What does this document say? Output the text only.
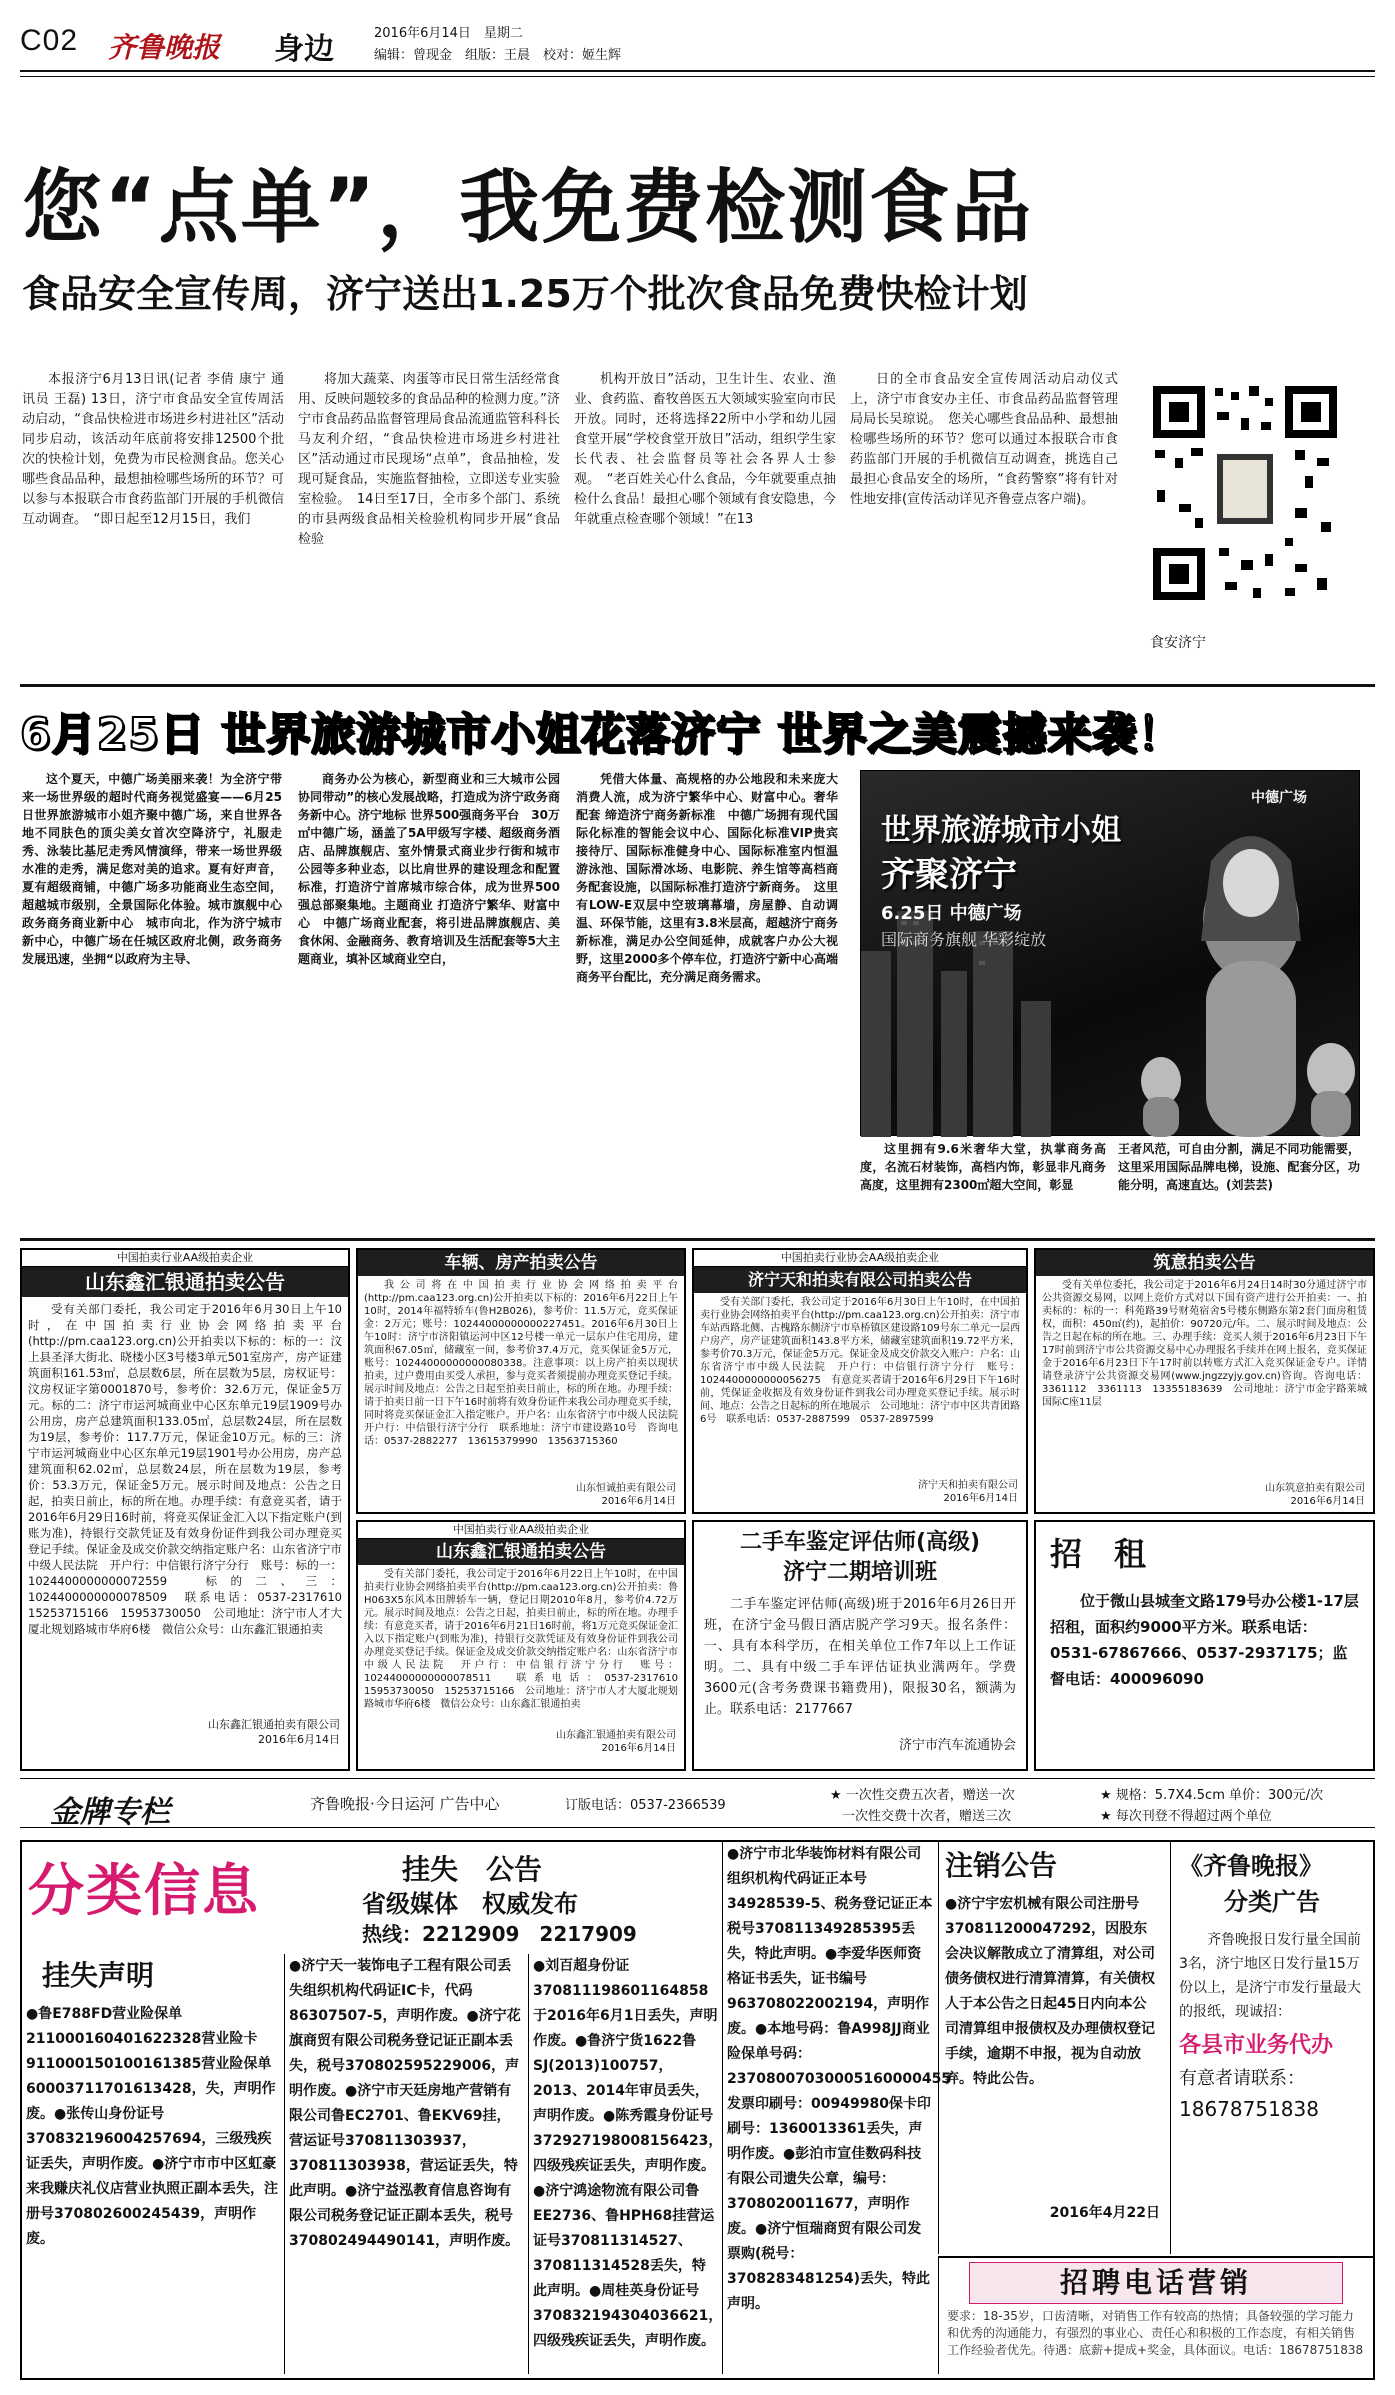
C02 齐鲁晚报 身边	2016年6月14日　 星期二
编辑：曾现金　组版：王晨　校对：姬生辉
您“点单”，我免费检测食品
食品安全宣传周，济宁送出1.25万个批次食品免费快检计划
本报济宁6月13日讯(记者 李倩 康宁 通讯员 王磊) 13日，济宁市食品安全宣传周活动启动，“食品快检进市场进乡村进社区”活动同步启动，该活动年底前将安排12500个批次的快检计划，免费为市民检测食品。您关心哪些食品品种，最想抽检哪些场所的环节？可以参与本报联合市食药监部门开展的手机微信互动调查。　“即日起至12月15日，我们
将加大蔬菜、肉蛋等市民日常生活经常食用、反映问题较多的食品品种的检测力度。”济宁市食品药品监督管理局食品流通监管科科长马友利介绍，“食品快检进市场进乡村进社区”活动通过市民现场“点单”，食品抽检，发现可疑食品，实施监督抽检，立即送专业实验室检验。　14日至17日，全市多个部门、系统的市县两级食品相关检验机构同步开展“食品检验
机构开放日”活动，卫生计生、农业、渔业、食药监、畜牧兽医五大领域实验室向市民开放。同时，还将选择22所中小学和幼儿园食堂开展“学校食堂开放日”活动，组织学生家长代表、社会监督员等社会各界人士参观。　“老百姓关心什么食品，今年就要重点抽检什么食品！最担心哪个领域有食安隐患，今年就重点检查哪个领域！”在13
日的全市食品安全宣传周活动启动仪式上，济宁市食安办主任、市食品药品监督管理局局长吴琼说。　您关心哪些食品品种、最想抽检哪些场所的环节？您可以通过本报联合市食药监部门开展的手机微信互动调查，挑选自己最担心食品安全的场所，“食药警察”将有针对性地安排(宣传活动详见齐鲁壹点客户端)。
食安济宁
6月25日 世界旅游城市小姐花落济宁 世界之美震撼来袭！
这个夏天，中德广场美丽来袭！为全济宁带来一场世界级的超时代商务视觉盛宴——6月25日世界旅游城市小姐齐聚中德广场，来自世界各地不同肤色的顶尖美女首次空降济宁，礼服走秀、泳装比基尼走秀风情演绎，带来一场世界级水准的走秀，满足您对美的追求。夏有好声音，夏有超级商铺，中德广场多功能商业生态空间，超越城市级别，全景国际化体验。城市旗舰中心 政务商务商业新中心　城市向北，作为济宁城市新中心，中德广场在任城区政府北侧，政务商务发展迅速，坐拥“以政府为主导、
商务办公为核心，新型商业和三大城市公园协同带动”的核心发展战略，打造成为济宁政务商务新中心。济宁地标 世界500强商务平台　30万㎡中德广场，涵盖了5A甲级写字楼、超级商务酒店、品牌旗舰店、室外情景式商业步行街和城市公园等多种业态，以比肩世界的建设理念和配置标准，打造济宁首席城市综合体，成为世界500强总部聚集地。主题商业 打造济宁繁华、财富中心　中德广场商业配套，将引进品牌旗舰店、美食休闲、金融商务、教育培训及生活配套等5大主题商业，填补区域商业空白，
凭借大体量、高规格的办公地段和未来庞大消费人流，成为济宁繁华中心、财富中心。奢华配套 缔造济宁商务新标准　中德广场拥有现代国际化标准的智能会议中心、国际化标准VIP贵宾接待厅、国际标准健身中心、国际标准室内恒温游泳池、国际滑冰场、电影院、养生馆等高档商务配套设施，以国际标准打造济宁新商务。　这里有LOW-E双层中空玻璃幕墙，房屋静、自动调温、环保节能，这里有3.8米层高，超越济宁商务新标准，满足办公空间延伸，成就客户办公大视野，这里2000多个停车位，打造济宁新中心高端商务平台配比，充分满足商务需求。
中德广场
世界旅游城市小姐
齐聚济宁
6.25日 中德广场
国际商务旗舰 华彩绽放
这里拥有9.6米奢华大堂，执掌商务高度，名流石材装饰，高档内饰，彰显非凡商务高度，这里拥有2300㎡超大空间，彰显
王者风范，可自由分割，满足不同功能需要，这里采用国际品牌电梯，设施、配套分区，功能分明，高速直达。(刘芸芸)
中国拍卖行业AA级拍卖企业
山东鑫汇银通拍卖公告
受有关部门委托，我公司定于2016年6月30日上午10时，在中国拍卖行业协会网络拍卖平台(http://pm.caa123.org.cn)公开拍卖以下标的：标的一：汶上县圣泽大街北、晓楼小区3号楼3单元501室房产，房产证建筑面积161.53㎡，总层数6层，所在层数为5层，房权证号：汶房权证字第0001870号，参考价：32.6万元，保证金5万元。标的二：济宁市运河城商业中心区东单元19层1909号办公用房，房产总建筑面积133.05㎡，总层数24层，所在层数为19层，参考价：117.7万元，保证金10万元。标的三：济宁市运河城商业中心区东单元19层1901号办公用房，房产总建筑面积62.02㎡，总层数24层，所在层数为19层，参考价：53.3万元，保证金5万元。展示时间及地点：公告之日起，拍卖日前止，标的所在地。办理手续：有意竞买者，请于2016年6月29日16时前，将竞买保证金汇入以下指定账户(到账为准)，持银行交款凭证及有效身份证件到我公司办理竞买登记手续。保证金及成交价款交纳指定账户名：山东省济宁市中级人民法院　开户行：中信银行济宁分行　账号：标的一：1024400000000072559　标的二、三：1024400000000078509　联系电话：0537-2317610　15253715166　15953730050　公司地址：济宁市人才大厦北规划路城市华府6楼　微信公众号：山东鑫汇银通拍卖
山东鑫汇银通拍卖有限公司
2016年6月14日
车辆、房产拍卖公告
我公司将在中国拍卖行业协会网络拍卖平台(http://pm.caa123.org.cn)公开拍卖以下标的：2016年6月22日上午10时，2014年福特轿车(鲁H2B026)，参考价：11.5万元，竞买保证金：2万元；账号：10244000000000227451。2016年6月30日上午10时：济宁市济阳镇运河中区12号楼一单元一层东户住宅用房，建筑面积67.05㎡，储藏室一间，参考价37.4万元，竞买保证金5万元，账号：10244000000000080338。注意事项：以上房产拍卖以现状拍卖，过户费用由买受人承担，参与竞买者须提前办理竞买登记手续。展示时间及地点：公告之日起至拍卖日前止，标的所在地。办理手续：请于拍卖日前一日下午16时前将有效身份证件来我公司办理竞买手续，同时将竞买保证金汇入指定账户。开户名：山东省济宁市中级人民法院　开户行：中信银行济宁分行　联系地址：济宁市建设路10号　咨询电话：0537-2882277　13615379990　13563715360
山东恒诚拍卖有限公司
2016年6月14日
中国拍卖行业协会AA级拍卖企业
济宁天和拍卖有限公司拍卖公告
受有关部门委托，我公司定于2016年6月30日上午10时，在中国拍卖行业协会网络拍卖平台(http://pm.caa123.org.cn)公开拍卖：济宁市车站西路北侧、古槐路东侧济宁市阜桥镇区建设路109号东二单元一层西户房产，房产证建筑面积143.8平方米，储藏室建筑面积19.72平方米，参考价70.3万元，保证金5万元。保证金及成交价款交入账户：户名：山东省济宁市中级人民法院　开户行：中信银行济宁分行　账号：1024400000000056275　有意竞买者请于2016年6月29日下午16时前，凭保证金收据及有效身份证件到我公司办理竞买登记手续。展示时间、地点：公告之日起标的所在地展示　公司地址：济宁市中区共青团路6号　联系电话：0537-2887599　0537-2897599
济宁天和拍卖有限公司
2016年6月14日
筑意拍卖公告
受有关单位委托，我公司定于2016年6月24日14时30分通过济宁市公共资源交易网，以网上竞价方式对以下国有资产进行公开拍卖：一、拍卖标的：标的一：科苑路39号财苑宿舍5号楼东侧路东第2套门面房租赁权，面积：450㎡(约)，起拍价：90720元/年。二、展示时间及地点：公告之日起在标的所在地。三、办理手续：竞买人须于2016年6月23日下午17时前到济宁市公共资源交易中心办理报名手续并在网上报名，竞买保证金于2016年6月23日下午17时前以转账方式汇入竞买保证金专户。详情请登录济宁公共资源交易网(www.jngzzyjy.gov.cn)咨询。咨询电话：3361112　3361113　13355183639　公司地址：济宁市金宇路莱城国际C座11层
山东筑意拍卖有限公司
2016年6月14日
中国拍卖行业AA级拍卖企业
山东鑫汇银通拍卖公告
受有关部门委托，我公司定于2016年6月22日上午10时，在中国拍卖行业协会网络拍卖平台(http://pm.caa123.org.cn)公开拍卖：鲁H063X5东风本田牌轿车一辆，登记日期2010年8月，参考价4.72万元。展示时间及地点：公告之日起，拍卖日前止，标的所在地。办理手续：有意竞买者，请于2016年6月21日16时前，将1万元竞买保证金汇入以下指定账户(到账为准)，持银行交款凭证及有效身份证件到我公司办理竞买登记手续。保证金及成交价款交纳指定账户名：山东省济宁市中级人民法院　开户行：中信银行济宁分行　账号：10244000000000078511　联系电话：0537-2317610　15953730050　15253715166　公司地址：济宁市人才大厦北规划路城市华府6楼　微信公众号：山东鑫汇银通拍卖
山东鑫汇银通拍卖有限公司
2016年6月14日
二手车鉴定评估师(高级)
济宁二期培训班
二手车鉴定评估师(高级)班于2016年6月26日开班，在济宁金马假日酒店脱产学习9天。报名条件：一、具有本科学历，在相关单位工作7年以上工作证明。二、具有中级二手车评估证执业满两年。学费3600元(含考务费课书籍费用)，限报30名，额满为止。联系电话：2177667
济宁市汽车流通协会
招　租
位于微山县城奎文路179号办公楼1-17层招租，面积约9000平方米。联系电话：0531-67867666、0537-2937175；监督电话：400096090
金牌专栏	齐鲁晚报·今日运河 广告中心	订版电话：0537-2366539
★ 一次性交费五次者，赠送一次
一次性交费十次者，赠送三次
★ 规格：5.7X4.5cm 单价：300元/次
★ 每次刊登不得超过两个单位
分类信息	挂失　公告
省级媒体　权威发布
热线：2212909　2217909
挂失声明
●鲁E788FD营业险保单2110001604016223​28营业险卡9110001501001613​85营业险保单6000371170161342​8，失，声明作废。●张传山身份证号370832196004257694，三级残疾证丢失，声明作废。●济宁市市中区虹豪来我赚庆礼仪店营业执照正副本丢失，注册号370802600245439，声明作废。
●济宁天一装饰电子工程有限公司丢失组织机构代码证IC卡，代码86307507-5，声明作废。●济宁花旗商贸有限公司税务登记证正副本丢失，税号370802595229006，声明作废。●济宁市天廷房地产营销有限公司鲁EC2701、鲁EKV69挂，营运证号370811303937，370811303938，营运证丢失，特此声明。●济宁益泓教育信息咨询有限公司税务登记证正副本丢失，税号370802494490141，声明作废。
●刘百超身份证370811198601164858于2016年6月1日丢失，声明作废。●鲁济宁货1622鲁SJ(2013)100757，2013、2014年审员丢失，声明作废。●陈秀霞身份证号372927198008156423，四级残疾证丢失，声明作废。●济宁鸿途物流有限公司鲁EE2736、鲁HPH68挂营运证号370811314527、370811314528丢失，特此声明。●周桂英身份证号370832194304036621，四级残疾证丢失，声明作废。
●济宁市北华装饰材料有限公司组织机构代码证正本号34928539-5、税务登记证正本税号370811349285395丢失，特此声明。●李爱华医师资格证书丢失，证书编号963708022002194，声明作废。●本地号码：鲁A998JJ商业险保单号码：23708007030005160000455发票印刷号：00949980保卡印刷号：1360013361丢失，声明作废。●彭泊市宣佳数码科技有限公司遗失公章，编号：3708020011677，声明作废。●济宁恒瑞商贸有限公司发票购(税号：3708283481254)丢失，特此声明。
注销公告
●济宁宇宏机械有限公司注册号370811200047292，因股东会决议解散成立了清算组，对公司债务债权进行清算清算，有关债权人于本公告之日起45日内向本公司清算组申报债权及办理债权登记手续，逾期不申报，视为自动放弃。特此公告。
2016年4月22日
《齐鲁晚报》
分类广告
齐鲁晚报日发行量全国前3名，济宁地区日发行量15万份以上，是济宁市发行量最大的报纸，现诚招：
各县市业务代办
有意者请联系：
18678751838
招聘电话营销
要求：18-35岁，口齿清晰，对销售工作有较高的热情；具备较强的学习能力和优秀的沟通能力，有强烈的事业心、责任心和积极的工作态度，有相关销售工作经验者优先。待遇：底薪+提成+奖金，具体面议。电话：18678751838
